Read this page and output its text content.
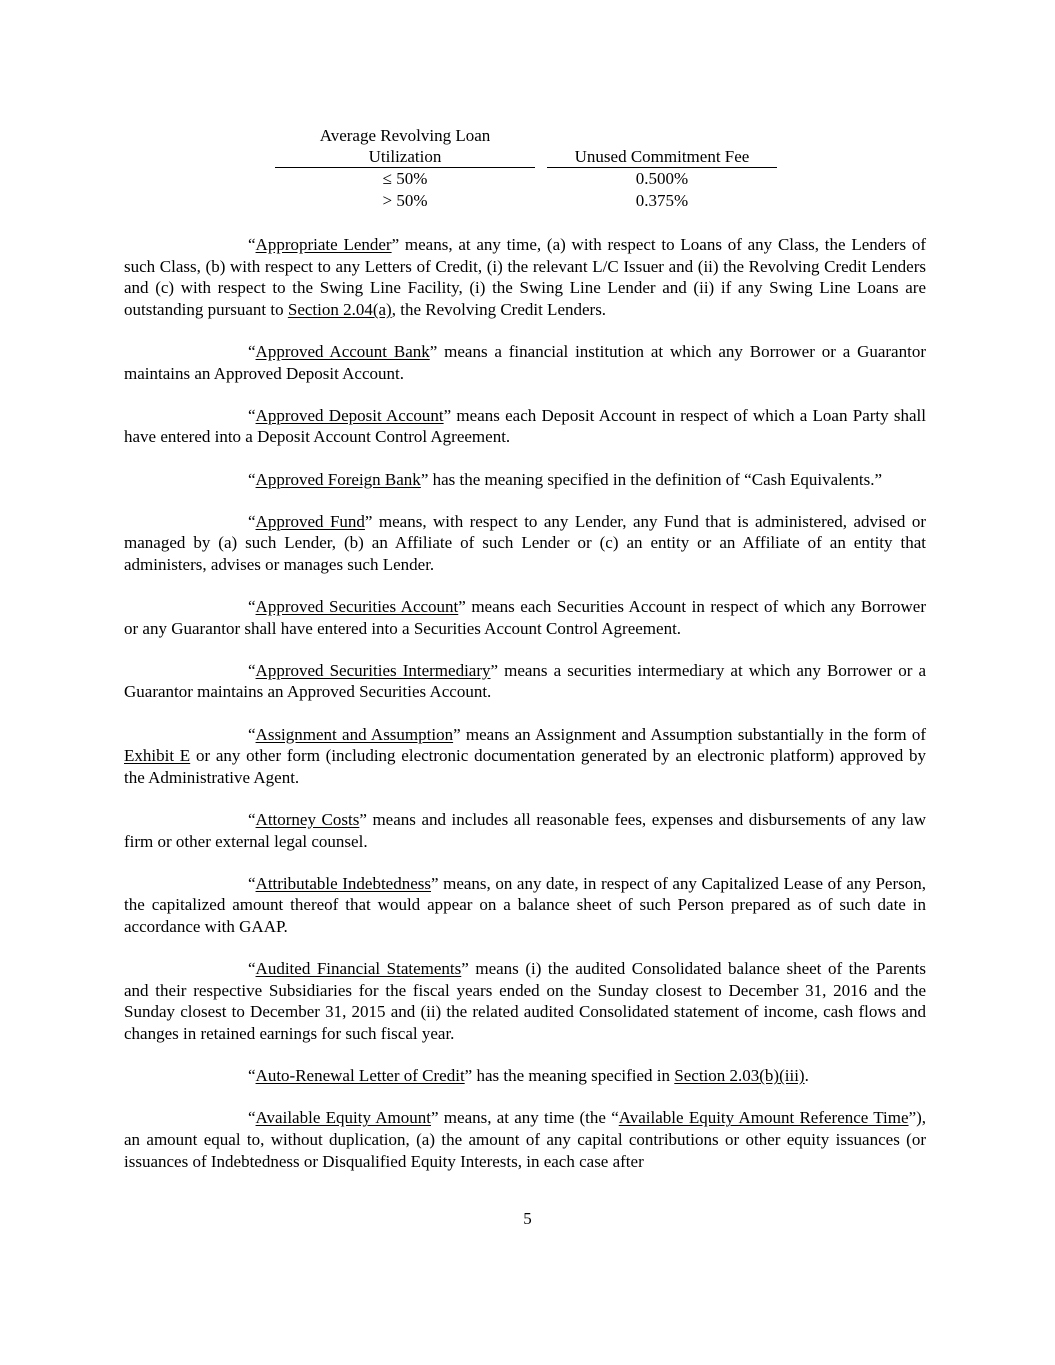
Average Revolving Loan
Utilization	Unused Commitment Fee
≤ 50%	0.500%
> 50%	0.375%

“Appropriate Lender” means, at any time, (a) with respect to Loans of any Class, the Lenders of such Class, (b) with respect to any Letters of Credit, (i) the relevant L/C Issuer and (ii) the Revolving Credit Lenders and (c) with respect to the Swing Line Facility, (i) the Swing Line Lender and (ii) if any Swing Line Loans are outstanding pursuant to Section 2.04(a), the Revolving Credit Lenders.

“Approved Account Bank” means a financial institution at which any Borrower or a Guarantor maintains an Approved Deposit Account.

“Approved Deposit Account” means each Deposit Account in respect of which a Loan Party shall have entered into a Deposit Account Control Agreement.

“Approved Foreign Bank” has the meaning specified in the definition of “Cash Equivalents.”

“Approved Fund” means, with respect to any Lender, any Fund that is administered, advised or managed by (a) such Lender, (b) an Affiliate of such Lender or (c) an entity or an Affiliate of an entity that administers, advises or manages such Lender.

“Approved Securities Account” means each Securities Account in respect of which any Borrower or any Guarantor shall have entered into a Securities Account Control Agreement.

“Approved Securities Intermediary” means a securities intermediary at which any Borrower or a Guarantor maintains an Approved Securities Account.

“Assignment and Assumption” means an Assignment and Assumption substantially in the form of Exhibit E or any other form (including electronic documentation generated by an electronic platform) approved by the Administrative Agent.

“Attorney Costs” means and includes all reasonable fees, expenses and disbursements of any law firm or other external legal counsel.

“Attributable Indebtedness” means, on any date, in respect of any Capitalized Lease of any Person, the capitalized amount thereof that would appear on a balance sheet of such Person prepared as of such date in accordance with GAAP.

“Audited Financial Statements” means (i) the audited Consolidated balance sheet of the Parents and their respective Subsidiaries for the fiscal years ended on the Sunday closest to December 31, 2016 and the Sunday closest to December 31, 2015 and (ii) the related audited Consolidated statement of income, cash flows and changes in retained earnings for such fiscal year.

“Auto-Renewal Letter of Credit” has the meaning specified in Section 2.03(b)(iii).

“Available Equity Amount” means, at any time (the “Available Equity Amount Reference Time”), an amount equal to, without duplication, (a) the amount of any capital contributions or other equity issuances (or issuances of Indebtedness or Disqualified Equity Interests, in each case after

5
